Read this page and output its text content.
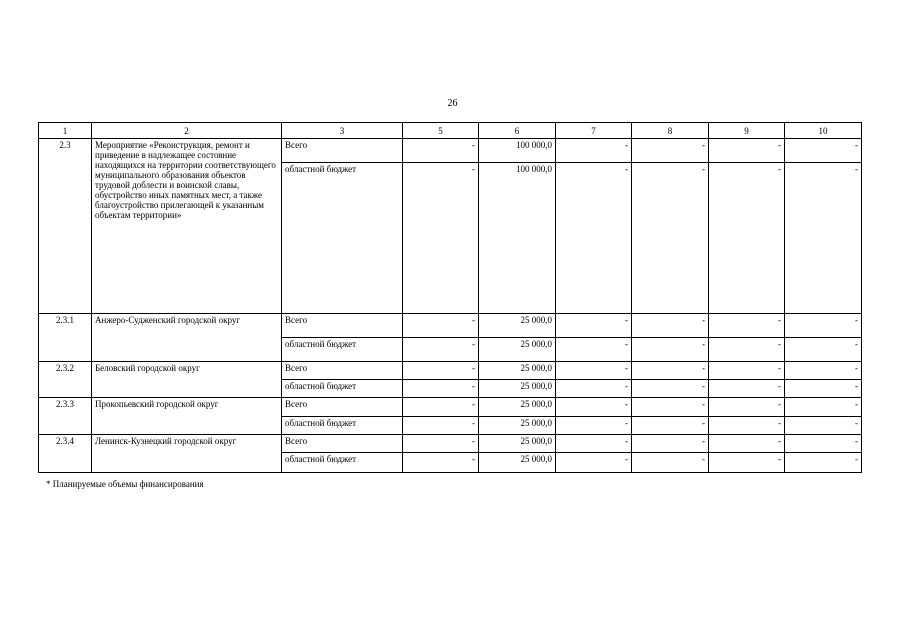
26
1	2	3	5	6	7	8	9	10
2.3	Мероприятие «Реконструкция, ремонт и приведение в надлежащее состояние находящихся на территории соответствующего муниципального образования объектов трудовой доблести и воинской славы, обустройство иных памятных мест, а также благоустройство прилегающей к указанным объектам территории»	Всего	-	100 000,0	-	-	-	-
		областной бюджет	-	100 000,0	-	-	-	-
2.3.1	Анжеро-Судженский городской округ	Всего	-	25 000,0	-	-	-	-
		областной бюджет	-	25 000,0	-	-	-	-
2.3.2	Беловский городской округ	Всего	-	25 000,0	-	-	-	-
		областной бюджет	-	25 000,0	-	-	-	-
2.3.3	Прокопьевский городской округ	Всего	-	25 000,0	-	-	-	-
		областной бюджет	-	25 000,0	-	-	-	-
2.3.4	Ленинск-Кузнецкий городской округ	Всего	-	25 000,0	-	-	-	-
		областной бюджет	-	25 000,0	-	-	-	-
* Планируемые объемы финансирования
